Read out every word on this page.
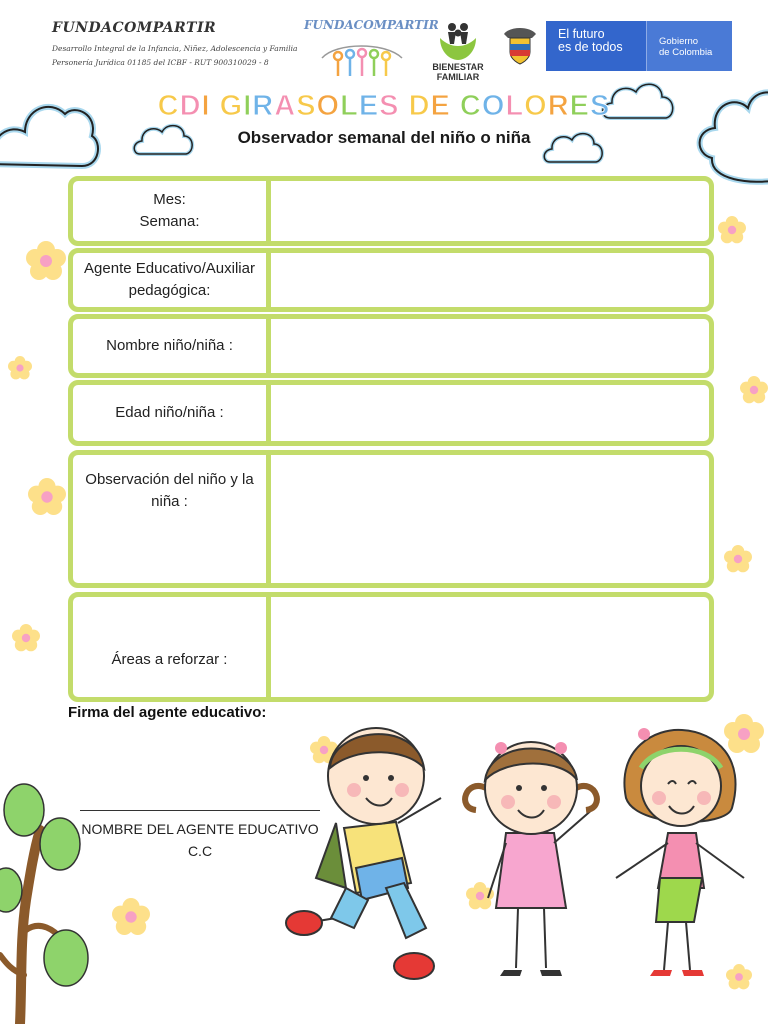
FUNDACOMPARTIR
Desarrollo Integral de la Infancia, Niñez, Adolescencia y Familia
Personería Jurídica 01185 del ICBF - RUT 900310029 - 8
FUNDACOMPARTIR
BIENESTAR
FAMILIAR
El futuro
es de todos	Gobierno
de Colombia
CDI GIRASOLES DE COLORES
Observador semanal del niño o niña
Mes:
Semana:
Agente Educativo/Auxiliar pedagógica:
Nombre niño/niña :
Edad niño/niña :
Observación del niño y la niña :
Áreas a reforzar :
Firma del agente educativo:
NOMBRE DEL AGENTE EDUCATIVO
C.C
